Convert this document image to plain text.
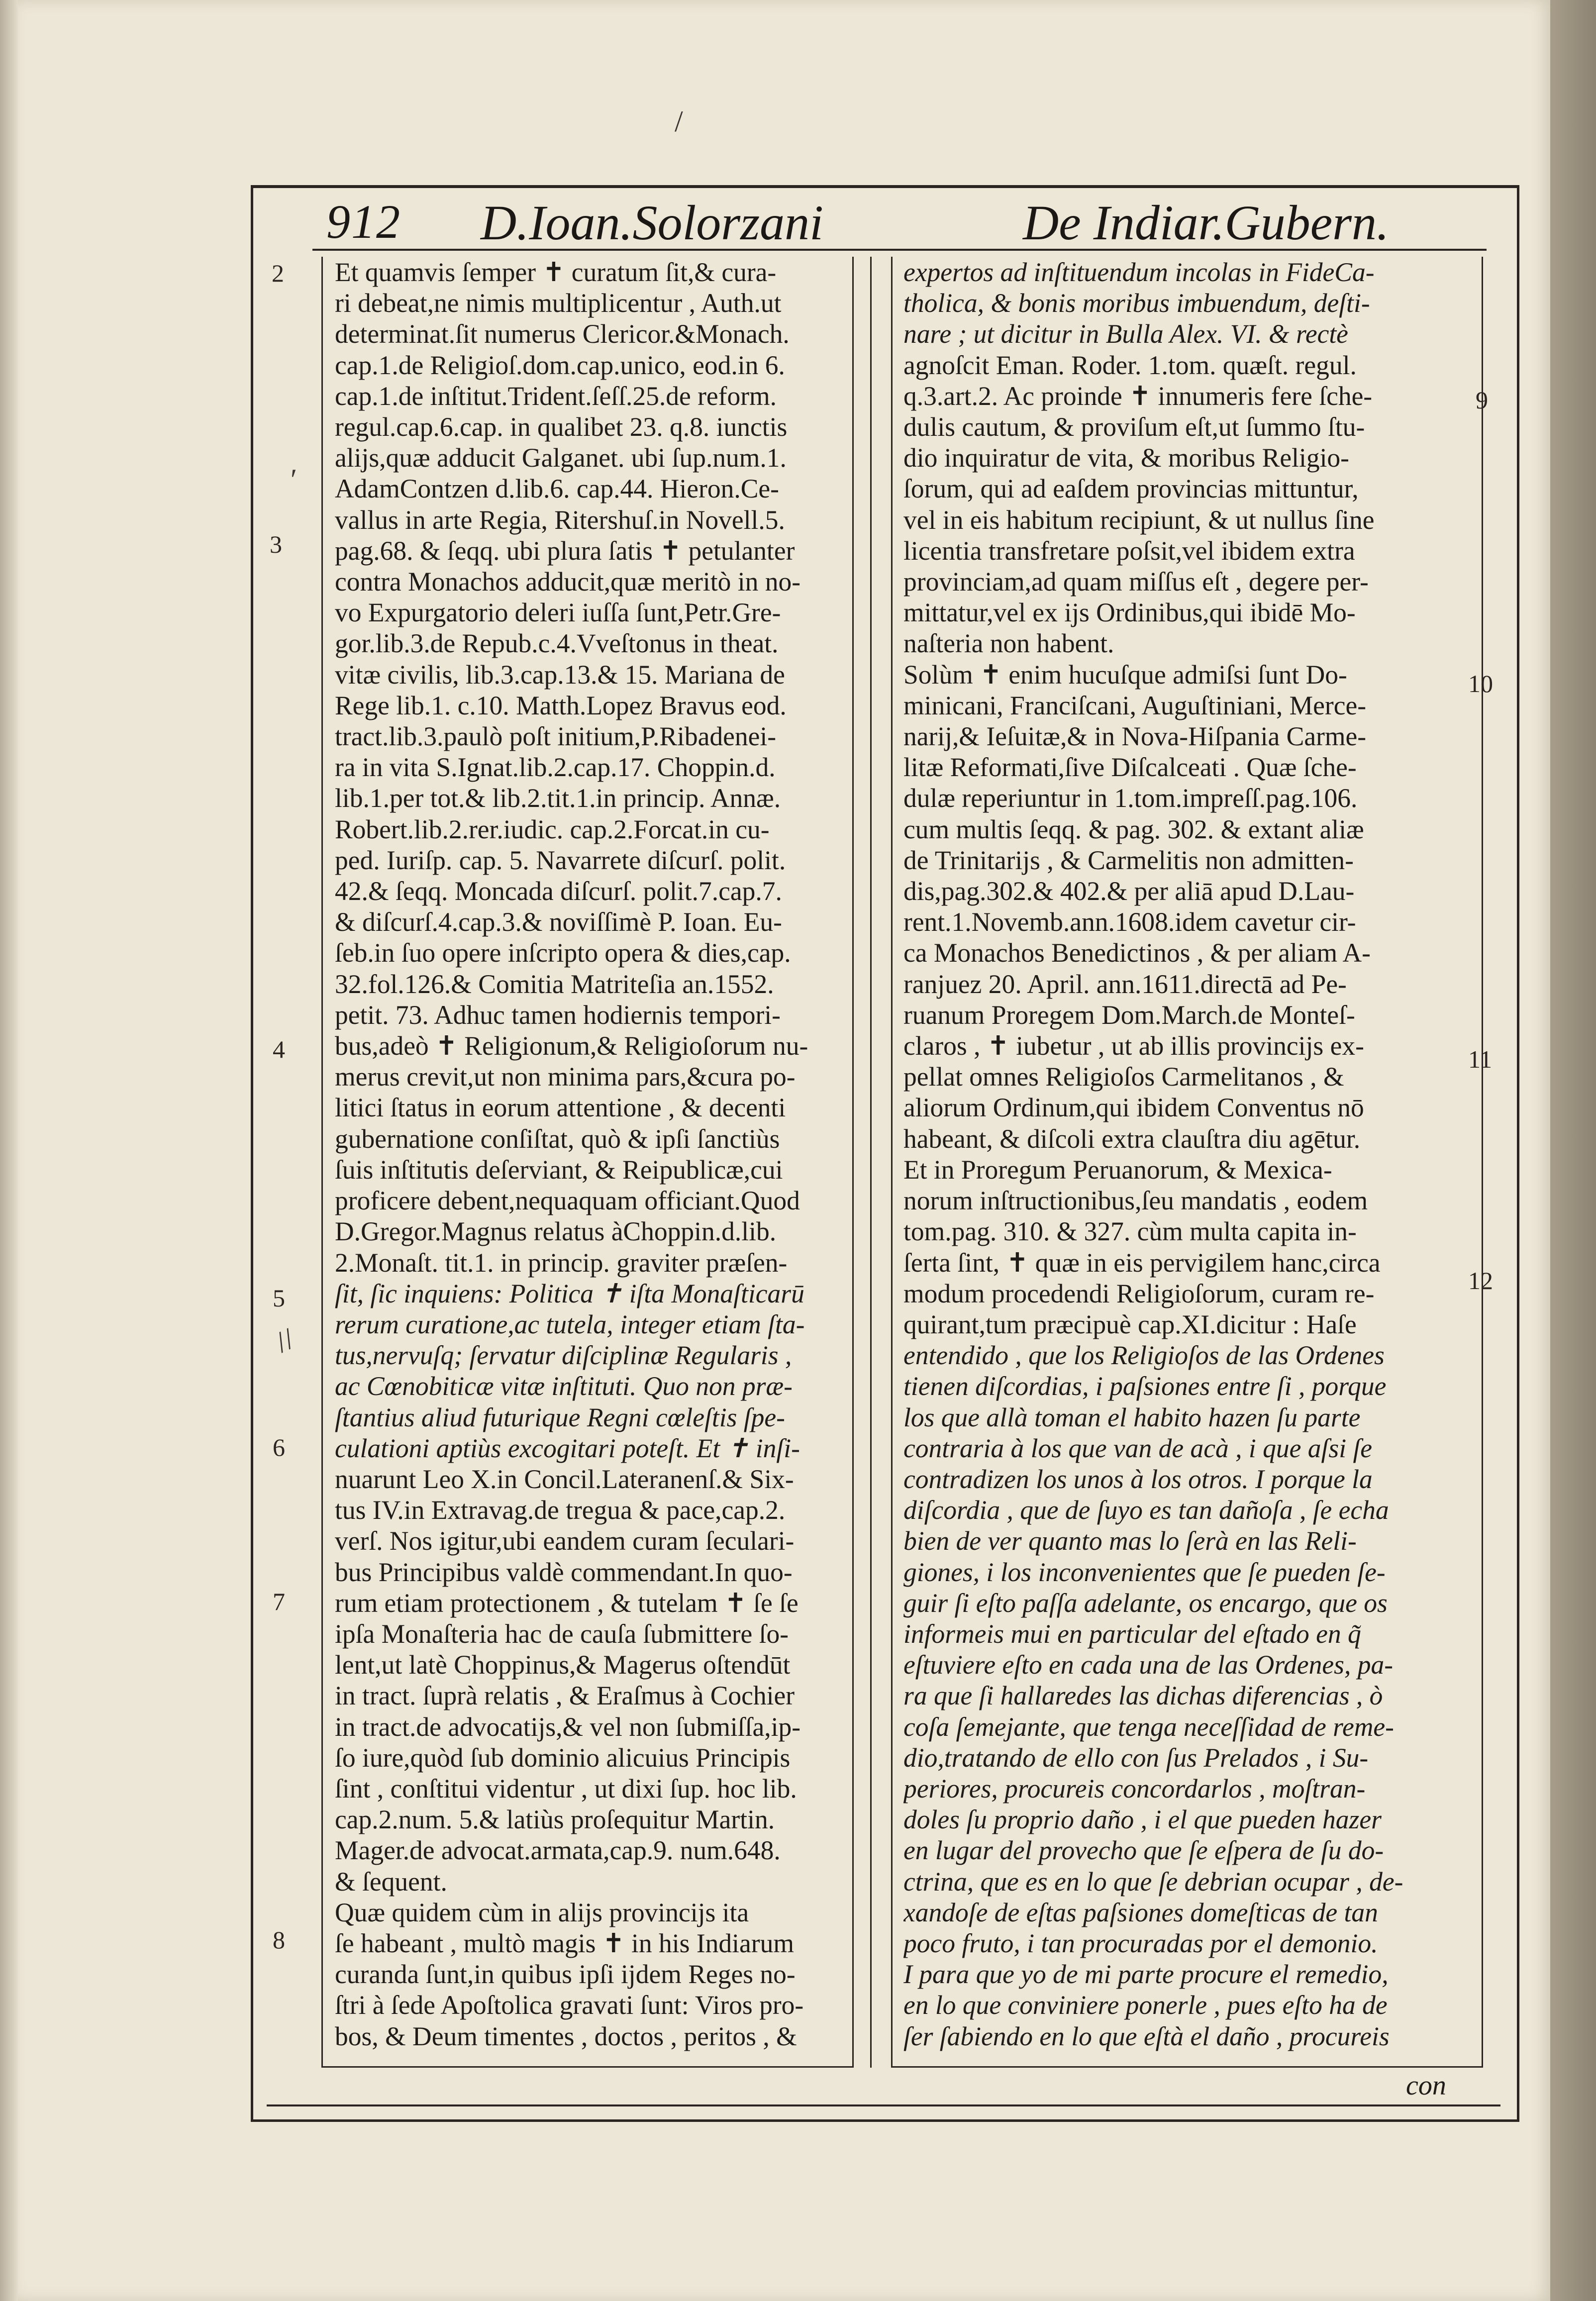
912 D.Ioan.Solorzani	De Indiar.Gubern.
Et quamvis ſemper ✝ curatum ſit,& cura-
ri debeat,ne nimis multiplicentur , Auth.ut
determinat.ſit numerus Clericor.&Monach.
cap.1.de Religioſ.dom.cap.unico, eod.in 6.
cap.1.de inſtitut.Trident.ſeſſ.25.de reform.
regul.cap.6.cap. in qualibet 23. q.8. iunctis
alijs,quæ adducit Galganet. ubi ſup.num.1.
AdamContzen d.lib.6. cap.44. Hieron.Ce-
vallus in arte Regia, Ritershuſ.in Novell.5.
pag.68. & ſeqq. ubi plura ſatis ✝ petulanter
contra Monachos adducit,quæ meritò in no-
vo Expurgatorio deleri iuſſa ſunt,Petr.Gre-
gor.lib.3.de Repub.c.4.Vveſtonus in theat.
vitæ civilis, lib.3.cap.13.& 15. Mariana de
Rege lib.1. c.10. Matth.Lopez Bravus eod.
tract.lib.3.paulò poſt initium,P.Ribadenei-
ra in vita S.Ignat.lib.2.cap.17. Choppin.d.
lib.1.per tot.& lib.2.tit.1.in princip. Annæ.
Robert.lib.2.rer.iudic. cap.2.Forcat.in cu-
ped. Iuriſp. cap. 5. Navarrete diſcurſ. polit.
42.& ſeqq. Moncada diſcurſ. polit.7.cap.7.
& diſcurſ.4.cap.3.& noviſſimè P. Ioan. Eu-
ſeb.in ſuo opere inſcripto opera & dies,cap.
32.fol.126.& Comitia Matriteſia an.1552.
petit. 73. Adhuc tamen hodiernis tempori-
bus,adeò ✝ Religionum,& Religioſorum nu-
merus crevit,ut non minima pars,&cura po-
litici ſtatus in eorum attentione , & decenti
gubernatione conſiſtat, quò & ipſi ſanctiùs
ſuis inſtitutis deſerviant, & Reipublicæ,cui
proficere debent,nequaquam officiant.Quod
D.Gregor.Magnus relatus àChoppin.d.lib.
2.Monaſt. tit.1. in princip. graviter præſen-
ſit, ſic inquiens: Politica ✝ iſta Monaſticarū
rerum curatione,ac tutela, integer etiam ſta-
tus,nervuſq; ſervatur diſciplinæ Regularis ,
ac Cœnobiticæ vitæ inſtituti. Quo non præ-
ſtantius aliud futurique Regni cœleſtis ſpe-
culationi aptiùs excogitari poteſt. Et ✝ inſi-
nuarunt Leo X.in Concil.Lateranenſ.& Six-
tus IV.in Extravag.de tregua & pace,cap.2.
verſ. Nos igitur,ubi eandem curam ſeculari-
bus Principibus valdè commendant.In quo-
rum etiam protectionem , & tutelam ✝ ſe ſe
ipſa Monaſteria hac de cauſa ſubmittere ſo-
lent,ut latè Choppinus,& Magerus oſtendūt
in tract. ſuprà relatis , & Eraſmus à Cochier
in tract.de advocatijs,& vel non ſubmiſſa,ip-
ſo iure,quòd ſub dominio alicuius Principis
ſint , conſtitui videntur , ut dixi ſup. hoc lib.
cap.2.num. 5.& latiùs proſequitur Martin.
Mager.de advocat.armata,cap.9. num.648.
& ſequent.
Quæ quidem cùm in alijs provincijs ita
ſe habeant , multò magis ✝ in his Indiarum
curanda ſunt,in quibus ipſi ijdem Reges no-
ſtri à ſede Apoſtolica gravati ſunt: Viros pro-
bos, & Deum timentes , doctos , peritos , &
expertos ad inſtituendum incolas in FideCa-
tholica, & bonis moribus imbuendum, deſti-
nare ; ut dicitur in Bulla Alex. VI. & rectè
agnoſcit Eman. Roder. 1.tom. quæſt. regul.
q.3.art.2. Ac proinde ✝ innumeris fere ſche-
dulis cautum, & proviſum eſt,ut ſummo ſtu-
dio inquiratur de vita, & moribus Religio-
ſorum, qui ad eaſdem provincias mittuntur,
vel in eis habitum recipiunt, & ut nullus ſine
licentia transfretare poſsit,vel ibidem extra
provinciam,ad quam miſſus eſt , degere per-
mittatur,vel ex ijs Ordinibus,qui ibidē Mo-
naſteria non habent.
Solùm ✝ enim hucuſque admiſsi ſunt Do-
minicani, Franciſcani, Auguſtiniani, Merce-
narij,& Ieſuitæ,& in Nova-Hiſpania Carme-
litæ Reformati,ſive Diſcalceati . Quæ ſche-
dulæ reperiuntur in 1.tom.impreſſ.pag.106.
cum multis ſeqq. & pag. 302. & extant aliæ
de Trinitarijs , & Carmelitis non admitten-
dis,pag.302.& 402.& per aliā apud D.Lau-
rent.1.Novemb.ann.1608.idem cavetur cir-
ca Monachos Benedictinos , & per aliam A-
ranjuez 20. April. ann.1611.directā ad Pe-
ruanum Proregem Dom.March.de Monteſ-
claros , ✝ iubetur , ut ab illis provincijs ex-
pellat omnes Religioſos Carmelitanos , &
aliorum Ordinum,qui ibidem Conventus nō
habeant, & diſcoli extra clauſtra diu agētur.
Et in Proregum Peruanorum, & Mexica-
norum inſtructionibus,ſeu mandatis , eodem
tom.pag. 310. & 327. cùm multa capita in-
ſerta ſint, ✝ quæ in eis pervigilem hanc,circa
modum procedendi Religioſorum, curam re-
quirant,tum præcipuè cap.XI.dicitur : Haſe
entendido , que los Religioſos de las Ordenes
tienen diſcordias, i paſsiones entre ſi , porque
los que allà toman el habito hazen ſu parte
contraria à los que van de acà , i que aſsi ſe
contradizen los unos à los otros. I porque la
diſcordia , que de ſuyo es tan dañoſa , ſe echa
bien de ver quanto mas lo ſerà en las Reli-
giones, i los inconvenientes que ſe pueden ſe-
guir ſi eſto paſſa adelante, os encargo, que os
informeis mui en particular del eſtado en q̃
eſtuviere eſto en cada una de las Ordenes, pa-
ra que ſi hallaredes las dichas diferencias , ò
coſa ſemejante, que tenga neceſſidad de reme-
dio,tratando de ello con ſus Prelados , i Su-
periores, procureis concordarlos , moſtran-
doles ſu proprio daño , i el que pueden hazer
en lugar del provecho que ſe eſpera de ſu do-
ctrina, que es en lo que ſe debrian ocupar , de-
xandoſe de eſtas paſsiones domeſticas de tan
poco fruto, i tan procuradas por el demonio.
I para que yo de mi parte procure el remedio,
en lo que conviniere ponerle , pues eſto ha de
ſer ſabiendo en lo que eſtà el daño , procureis
2
3
4
5
6
7
8
9
10
11
12
ʹ
//
/
con
